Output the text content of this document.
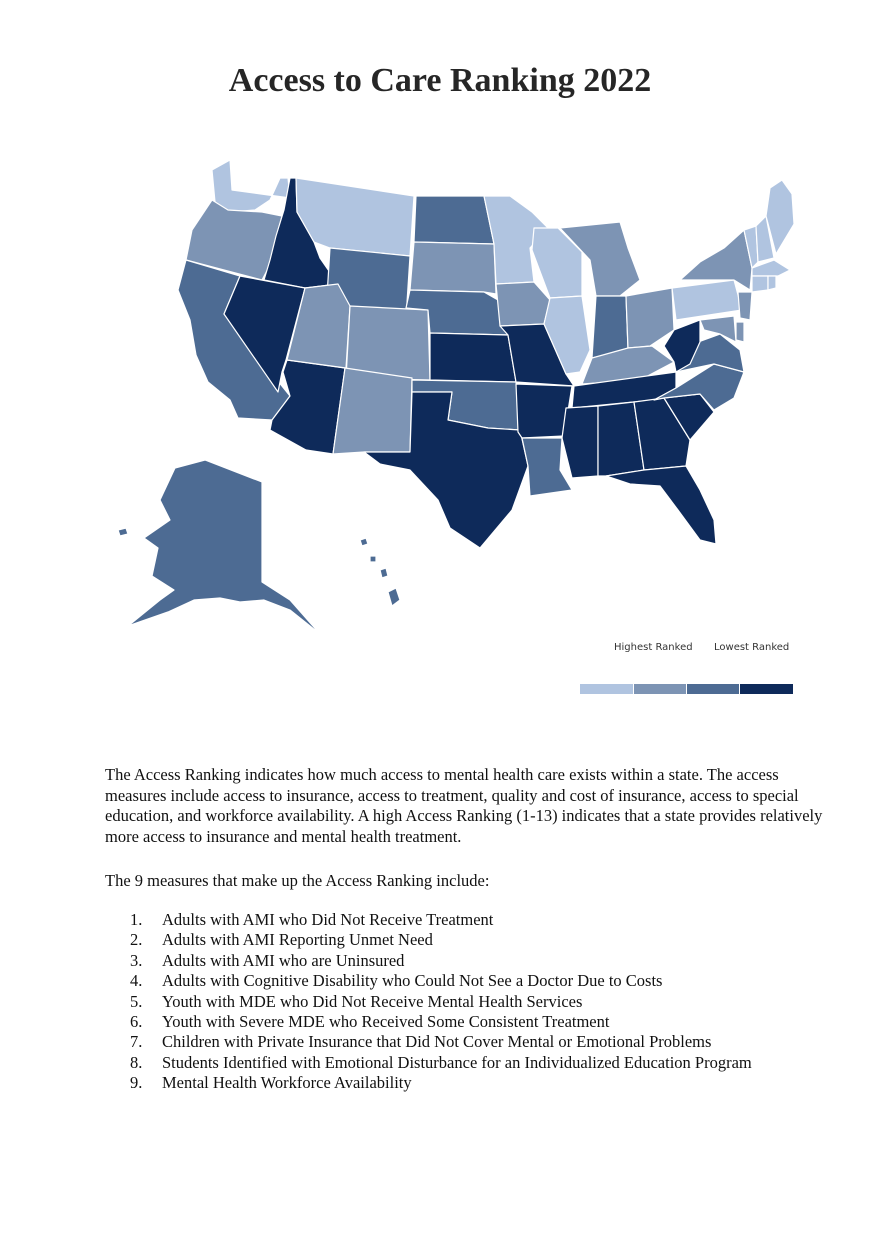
Access to Care Ranking 2022
Highest Ranked Lowest Ranked

The Access Ranking indicates how much access to mental health care exists within a state. The access measures include access to insurance, access to treatment, quality and cost of insurance, access to special education, and workforce availability. A high Access Ranking (1-13) indicates that a state provides relatively more access to insurance and mental health treatment.

The 9 measures that make up the Access Ranking include:
1.	Adults with AMI who Did Not Receive Treatment
2.	Adults with AMI Reporting Unmet Need
3.	Adults with AMI who are Uninsured
4.	Adults with Cognitive Disability who Could Not See a Doctor Due to Costs
5.	Youth with MDE who Did Not Receive Mental Health Services
6.	Youth with Severe MDE who Received Some Consistent Treatment
7.	Children with Private Insurance that Did Not Cover Mental or Emotional Problems
8.	Students Identified with Emotional Disturbance for an Individualized Education Program
9.	Mental Health Workforce Availability
